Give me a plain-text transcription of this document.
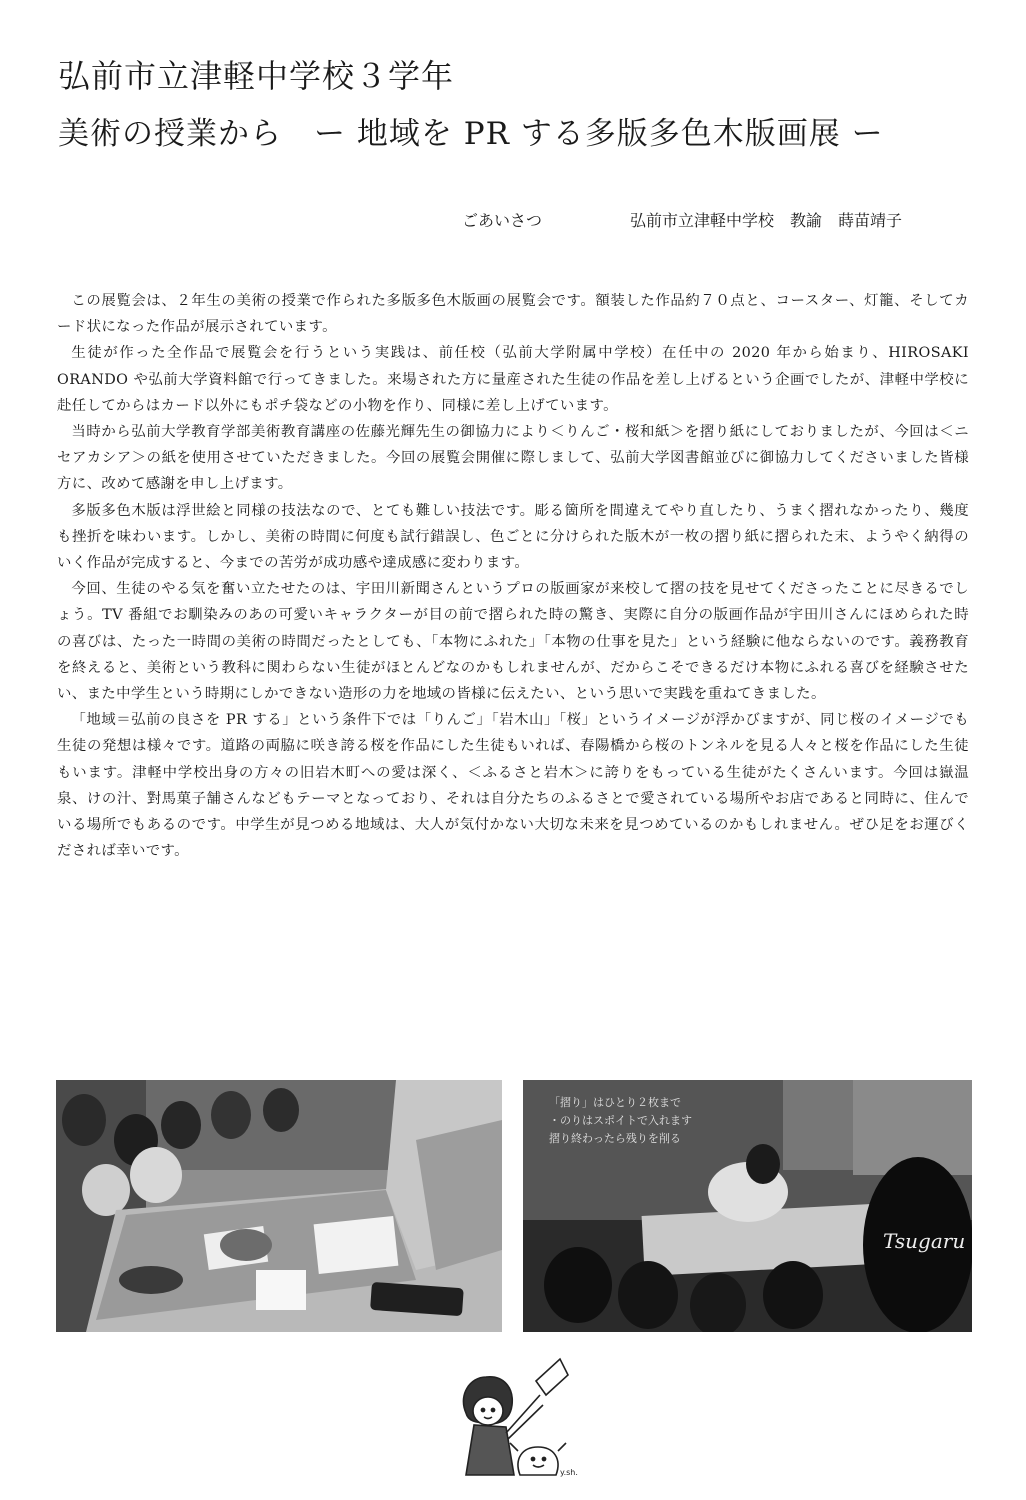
弘前市立津軽中学校３学年
美術の授業から　ー 地域を PR する多版多色木版画展 ー
ごあいさつ	弘前市立津軽中学校　教諭　蒔苗靖子

この展覧会は、２年生の美術の授業で作られた多版多色木版画の展覧会です。額装した作品約７０点と、コースター、灯籠、そしてカード状になった作品が展示されています。

生徒が作った全作品で展覧会を行うという実践は、前任校（弘前大学附属中学校）在任中の 2020 年から始まり、HIROSAKI ORANDO や弘前大学資料館で行ってきました。来場された方に量産された生徒の作品を差し上げるという企画でしたが、津軽中学校に赴任してからはカード以外にもポチ袋などの小物を作り、同様に差し上げています。

当時から弘前大学教育学部美術教育講座の佐藤光輝先生の御協力により＜りんご・桜和紙＞を摺り紙にしておりましたが、今回は＜ニセアカシア＞の紙を使用させていただきました。今回の展覧会開催に際しまして、弘前大学図書館並びに御協力してくださいました皆様方に、改めて感謝を申し上げます。

多版多色木版は浮世絵と同様の技法なので、とても難しい技法です。彫る箇所を間違えてやり直したり、うまく摺れなかったり、幾度も挫折を味わいます。しかし、美術の時間に何度も試行錯誤し、色ごとに分けられた版木が一枚の摺り紙に摺られた末、ようやく納得のいく作品が完成すると、今までの苦労が成功感や達成感に変わります。

今回、生徒のやる気を奮い立たせたのは、宇田川新聞さんというプロの版画家が来校して摺の技を見せてくださったことに尽きるでしょう。TV 番組でお馴染みのあの可愛いキャラクターが目の前で摺られた時の驚き、実際に自分の版画作品が宇田川さんにほめられた時の喜びは、たった一時間の美術の時間だったとしても、「本物にふれた」「本物の仕事を見た」という経験に他ならないのです。義務教育を終えると、美術という教科に関わらない生徒がほとんどなのかもしれませんが、だからこそできるだけ本物にふれる喜びを経験させたい、また中学生という時期にしかできない造形の力を地域の皆様に伝えたい、という思いで実践を重ねてきました。

「地域＝弘前の良さを PR する」という条件下では「りんご」「岩木山」「桜」というイメージが浮かびますが、同じ桜のイメージでも生徒の発想は様々です。道路の両脇に咲き誇る桜を作品にした生徒もいれば、春陽橋から桜のトンネルを見る人々と桜を作品にした生徒もいます。津軽中学校出身の方々の旧岩木町への愛は深く、＜ふるさと岩木＞に誇りをもっている生徒がたくさんいます。今回は嶽温泉、けの汁、對馬菓子舗さんなどもテーマとなっており、それは自分たちのふるさとで愛されている場所やお店であると同時に、住んでいる場所でもあるのです。中学生が見つめる地域は、大人が気付かない大切な未来を見つめているのかもしれません。ぜひ足をお運びくだされば幸いです。

Tsugaru
「摺り」はひとり２枚まで
・のりはスポイトで入れます
摺り終わったら残りを削る
y.sh.
